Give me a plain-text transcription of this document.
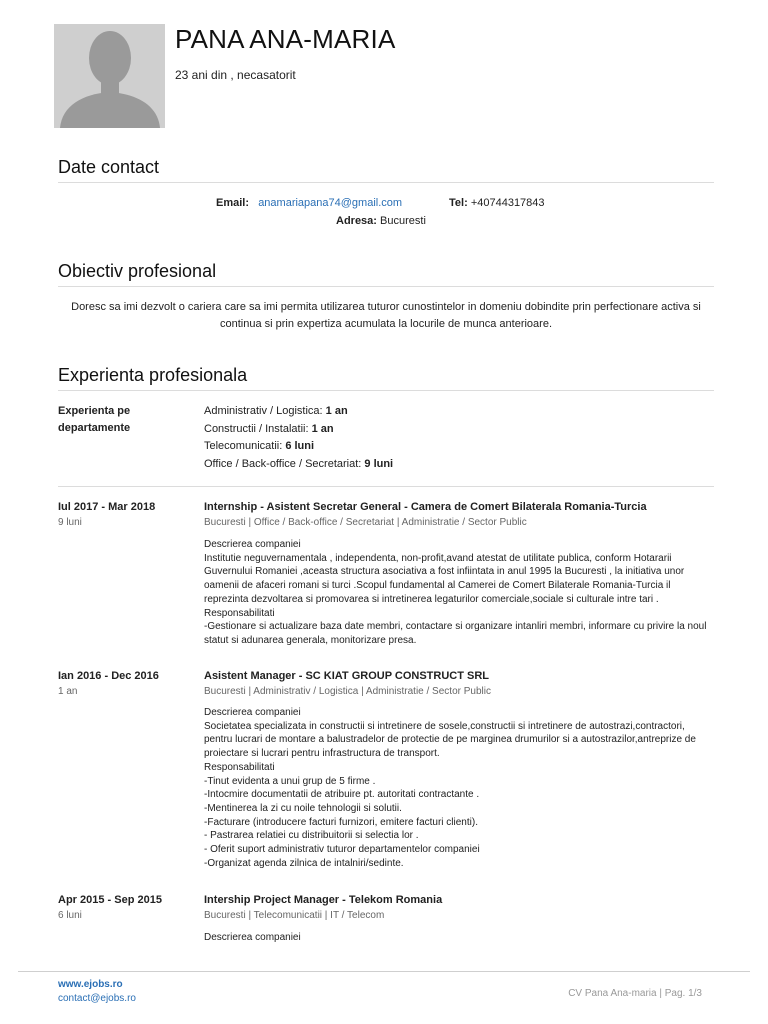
PANA ANA-MARIA
23 ani din , necasatorit
Date contact
Email: anamariapana74@gmail.com	Tel: +40744317843
Adresa: Bucuresti
Obiectiv profesional
Doresc sa imi dezvolt o cariera care sa imi permita utilizarea tuturor cunostintelor in domeniu dobindite prin perfectionare activa si continua si prin expertiza acumulata la locurile de munca anterioare.
Experienta profesionala
Experienta pe departamente
Administrativ / Logistica: 1 an
Constructii / Instalatii: 1 an
Telecomunicatii: 6 luni
Office / Back-office / Secretariat: 9 luni
Iul 2017 - Mar 2018
9 luni
Internship - Asistent Secretar General - Camera de Comert Bilaterala Romania-Turcia
Bucuresti | Office / Back-office / Secretariat | Administratie / Sector Public
Descrierea companiei
Institutie neguvernamentala , independenta, non-profit,avand atestat de utilitate publica, conform Hotararii Guvernului Romaniei ,aceasta structura asociativa a fost infiintata in anul 1995 la Bucuresti , la initiativa unor oamenii de afaceri romani si turci .Scopul fundamental al Camerei de Comert Bilaterale Romania-Turcia il reprezinta dezvoltarea si promovarea si intretinerea legaturilor comerciale,sociale si culturale intre tari .
Responsabilitati
-Gestionare si actualizare baza date membri, contactare si organizare intanliri membri, informare cu privire la noul statut si adunarea generala, monitorizare presa.
Ian 2016 - Dec 2016
1 an
Asistent Manager - SC KIAT GROUP CONSTRUCT SRL
Bucuresti | Administrativ / Logistica | Administratie / Sector Public
Descrierea companiei
Societatea specializata in constructii si intretinere de sosele,constructii si intretinere de autostrazi,contractori, pentru lucrari de montare a balustradelor de protectie de pe marginea drumurilor si a autostrazilor,antreprize de proiectare si lucrari pentru infrastructura de transport.
Responsabilitati
-Tinut evidenta a unui grup de 5 firme .
-Intocmire documentatii de atribuire pt. autoritati contractante .
-Mentinerea la zi cu noile tehnologii si solutii.
-Facturare (introducere facturi furnizori, emitere facturi clienti).
- Pastrarea relatiei cu distribuitorii si selectia lor .
- Oferit suport administrativ tuturor departamentelor companiei
-Organizat agenda zilnica de intalniri/sedinte.
Apr 2015 - Sep 2015
6 luni
Intership Project Manager - Telekom Romania
Bucuresti | Telecomunicatii | IT / Telecom
Descrierea companiei
www.ejobs.ro
contact@ejobs.ro	CV Pana Ana-maria | Pag. 1/3
